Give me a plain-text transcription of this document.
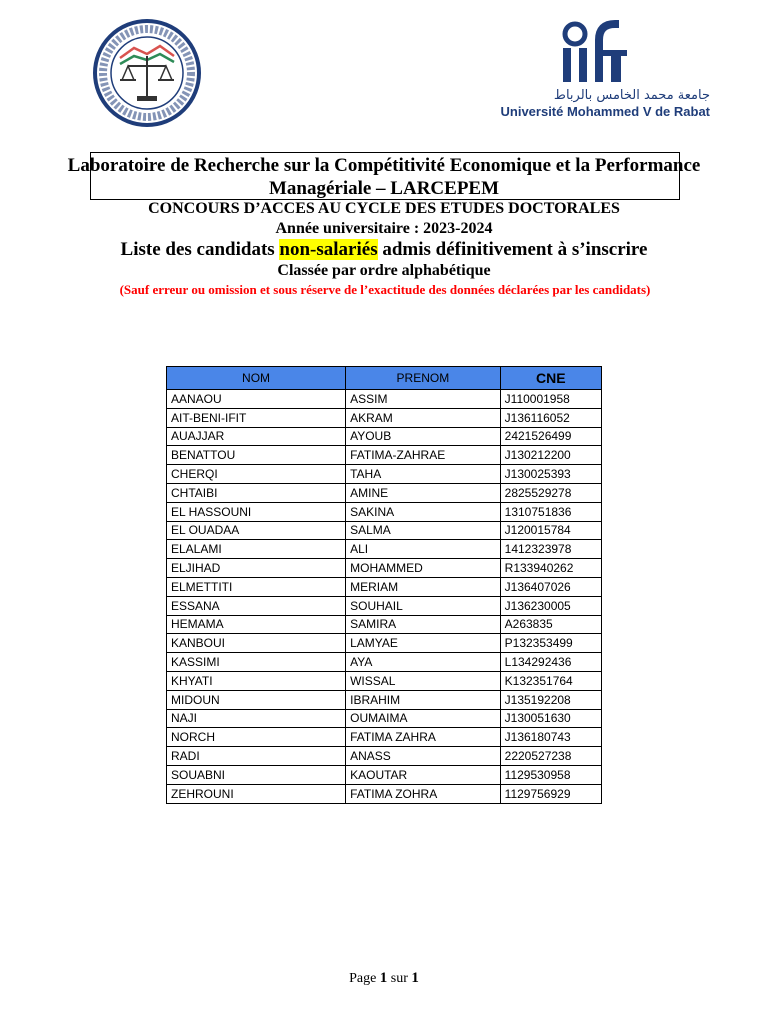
جامعة محمد الخامس بالرباط
Université Mohammed V de Rabat
Laboratoire de Recherche sur la Compétitivité Economique et la Performance Managériale – LARCEPEM
CONCOURS D’ACCES AU CYCLE DES ETUDES DOCTORALES
Année universitaire : 2023-2024
Liste des candidats non-salariés admis définitivement à s’inscrire
Classée par ordre alphabétique
(Sauf erreur ou omission et sous réserve de l’exactitude des données déclarées par les candidats)
NOM	PRENOM	CNE
AANAOU	ASSIM	J110001958
AIT-BENI-IFIT	AKRAM	J136116052
AUAJJAR	AYOUB	2421526499
BENATTOU	FATIMA-ZAHRAE	J130212200
CHERQI	TAHA	J130025393
CHTAIBI	AMINE	2825529278
EL HASSOUNI	SAKINA	1310751836
EL OUADAA	SALMA	J120015784
ELALAMI	ALI	1412323978
ELJIHAD	MOHAMMED	R133940262
ELMETTITI	MERIAM	J136407026
ESSANA	SOUHAIL	J136230005
HEMAMA	SAMIRA	A263835
KANBOUI	LAMYAE	P132353499
KASSIMI	AYA	L134292436
KHYATI	WISSAL	K132351764
MIDOUN	IBRAHIM	J135192208
NAJI	OUMAIMA	J130051630
NORCH	FATIMA ZAHRA	J136180743
RADI	ANASS	2220527238
SOUABNI	KAOUTAR	1129530958
ZEHROUNI	FATIMA ZOHRA	1129756929
Page 1 sur 1
